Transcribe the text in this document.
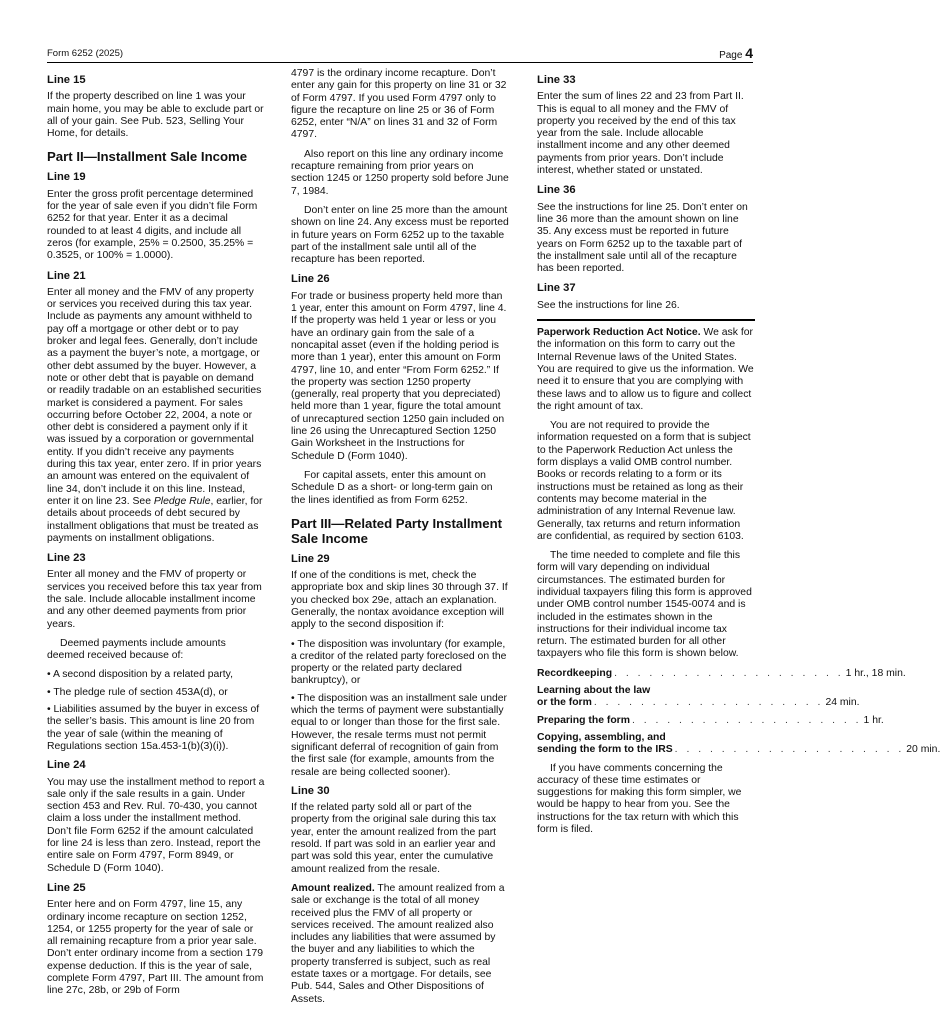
Form 6252 (2025)	Page 4
Line 15

If the property described on line 1 was your main home, you may be able to exclude part or all of your gain. See Pub. 523, Selling Your Home, for details.

Part II—Installment Sale Income
Line 19

Enter the gross profit percentage determined for the year of sale even if you didn’t file Form 6252 for that year. Enter it as a decimal rounded to at least 4 digits, and include all zeros (for example, 25% = 0.2500, 35.25% = 0.3525, or 100% = 1.0000).

Line 21

Enter all money and the FMV of any property or services you received during this tax year. Include as payments any amount withheld to pay off a mortgage or other debt or to pay broker and legal fees. Generally, don’t include as a payment the buyer’s note, a mortgage, or other debt assumed by the buyer. However, a note or other debt that is payable on demand or readily tradable on an established securities market is considered a payment. For sales occurring before October 22, 2004, a note or other debt is considered a payment only if it was issued by a corporation or governmental entity. If you didn’t receive any payments during this tax year, enter zero. If in prior years an amount was entered on the equivalent of line 34, don’t include it on this line. Instead, enter it on line 23. See Pledge Rule, earlier, for details about proceeds of debt secured by installment obligations that must be treated as payments on installment obligations.

Line 23

Enter all money and the FMV of property or services you received before this tax year from the sale. Include allocable installment income and any other deemed payments from prior years.

Deemed payments include amounts deemed received because of:

• A second disposition by a related party,

• The pledge rule of section 453A(d), or

• Liabilities assumed by the buyer in excess of the seller’s basis. This amount is line 20 from the year of sale (within the meaning of Regulations section 15a.453-1(b)(3)(i)).

Line 24

You may use the installment method to report a sale only if the sale results in a gain. Under section 453 and Rev. Rul. 70-430, you cannot claim a loss under the installment method. Don’t file Form 6252 if the amount calculated for line 24 is less than zero. Instead, report the entire sale on Form 4797, Form 8949, or Schedule D (Form 1040).

Line 25

Enter here and on Form 4797, line 15, any ordinary income recapture on section 1252, 1254, or 1255 property for the year of sale or all remaining recapture from a prior year sale. Don’t enter ordinary income from a section 179 expense deduction. If this is the year of sale, complete Form 4797, Part III. The amount from line 27c, 28b, or 29b of Form

4797 is the ordinary income recapture. Don’t enter any gain for this property on line 31 or 32 of Form 4797. If you used Form 4797 only to figure the recapture on line 25 or 36 of Form 6252, enter “N/A” on lines 31 and 32 of Form 4797.

Also report on this line any ordinary income recapture remaining from prior years on section 1245 or 1250 property sold before June 7, 1984.

Don’t enter on line 25 more than the amount shown on line 24. Any excess must be reported in future years on Form 6252 up to the taxable part of the installment sale until all of the recapture has been reported.

Line 26

For trade or business property held more than 1 year, enter this amount on Form 4797, line 4. If the property was held 1 year or less or you have an ordinary gain from the sale of a noncapital asset (even if the holding period is more than 1 year), enter this amount on Form 4797, line 10, and enter “From Form 6252.” If the property was section 1250 property (generally, real property that you depreciated) held more than 1 year, figure the total amount of unrecaptured section 1250 gain included on line 26 using the Unrecaptured Section 1250 Gain Worksheet in the Instructions for Schedule D (Form 1040).

For capital assets, enter this amount on Schedule D as a short- or long-term gain on the lines identified as from Form 6252.

Part III—Related Party Installment Sale Income
Line 29

If one of the conditions is met, check the appropriate box and skip lines 30 through 37. If you checked box 29e, attach an explanation. Generally, the nontax avoidance exception will apply to the second disposition if:

• The disposition was involuntary (for example, a creditor of the related party foreclosed on the property or the related party declared bankruptcy), or

• The disposition was an installment sale under which the terms of payment were substantially equal to or longer than those for the first sale. However, the resale terms must not permit significant deferral of recognition of gain from the first sale (for example, amounts from the resale are being collected sooner).

Line 30

If the related party sold all or part of the property from the original sale during this tax year, enter the amount realized from the part resold. If part was sold in an earlier year and part was sold this year, enter the cumulative amount realized from the resale.

Amount realized. The amount realized from a sale or exchange is the total of all money received plus the FMV of all property or services received. The amount realized also includes any liabilities that were assumed by the buyer and any liabilities to which the property transferred is subject, such as real estate taxes or a mortgage. For details, see Pub. 544, Sales and Other Dispositions of Assets.

Line 33

Enter the sum of lines 22 and 23 from Part II. This is equal to all money and the FMV of property you received by the end of this tax year from the sale. Include allocable installment income and any other deemed payments from prior years. Don’t include interest, whether stated or unstated.

Line 36

See the instructions for line 25. Don’t enter on line 36 more than the amount shown on line 35. Any excess must be reported in future years on Form 6252 up to the taxable part of the installment sale until all of the recapture has been reported.

Line 37

See the instructions for line 26.

Paperwork Reduction Act Notice. We ask for the information on this form to carry out the Internal Revenue laws of the United States. You are required to give us the information. We need it to ensure that you are complying with these laws and to allow us to figure and collect the right amount of tax.

You are not required to provide the information requested on a form that is subject to the Paperwork Reduction Act unless the form displays a valid OMB control number. Books or records relating to a form or its instructions must be retained as long as their contents may become material in the administration of any Internal Revenue law. Generally, tax returns and return information are confidential, as required by section 6103.

The time needed to complete and file this form will vary depending on individual circumstances. The estimated burden for individual taxpayers filing this form is approved under OMB control number 1545-0074 and is included in the estimates shown in the instructions for their individual income tax return. The estimated burden for all other taxpayers who file this form is shown below.

Recordkeeping . . . . . . . . . . . . . . . . . . . . 1 hr., 18 min.
Learning about the law
or the form . . . . . . . . . . . . . . . . . . . . 24 min.
Preparing the form . . . . . . . . . . . . . . . . . . . . 1 hr.
Copying, assembling, and
sending the form to the IRS . . . . . . . . . . . . . . . . . . . . 20 min.

If you have comments concerning the accuracy of these time estimates or suggestions for making this form simpler, we would be happy to hear from you. See the instructions for the tax return with which this form is filed.
